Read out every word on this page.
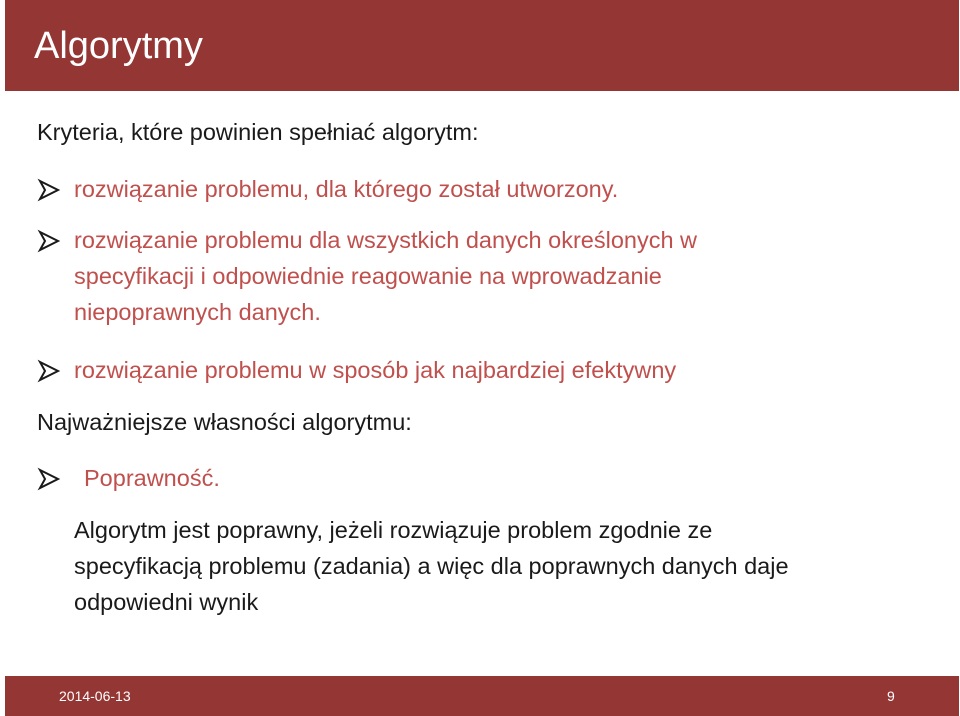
Algorytmy
Kryteria, które powinien spełniać algorytm:
rozwiązanie problemu, dla którego został utworzony.
rozwiązanie problemu dla wszystkich danych określonych w
specyfikacji i odpowiednie reagowanie na wprowadzanie
niepoprawnych danych.
rozwiązanie problemu w sposób jak najbardziej efektywny
Najważniejsze własności algorytmu:
Poprawność.
Algorytm jest poprawny, jeżeli rozwiązuje problem zgodnie ze
specyfikacją problemu (zadania) a więc dla poprawnych danych daje
odpowiedni wynik
2014-06-13	9
